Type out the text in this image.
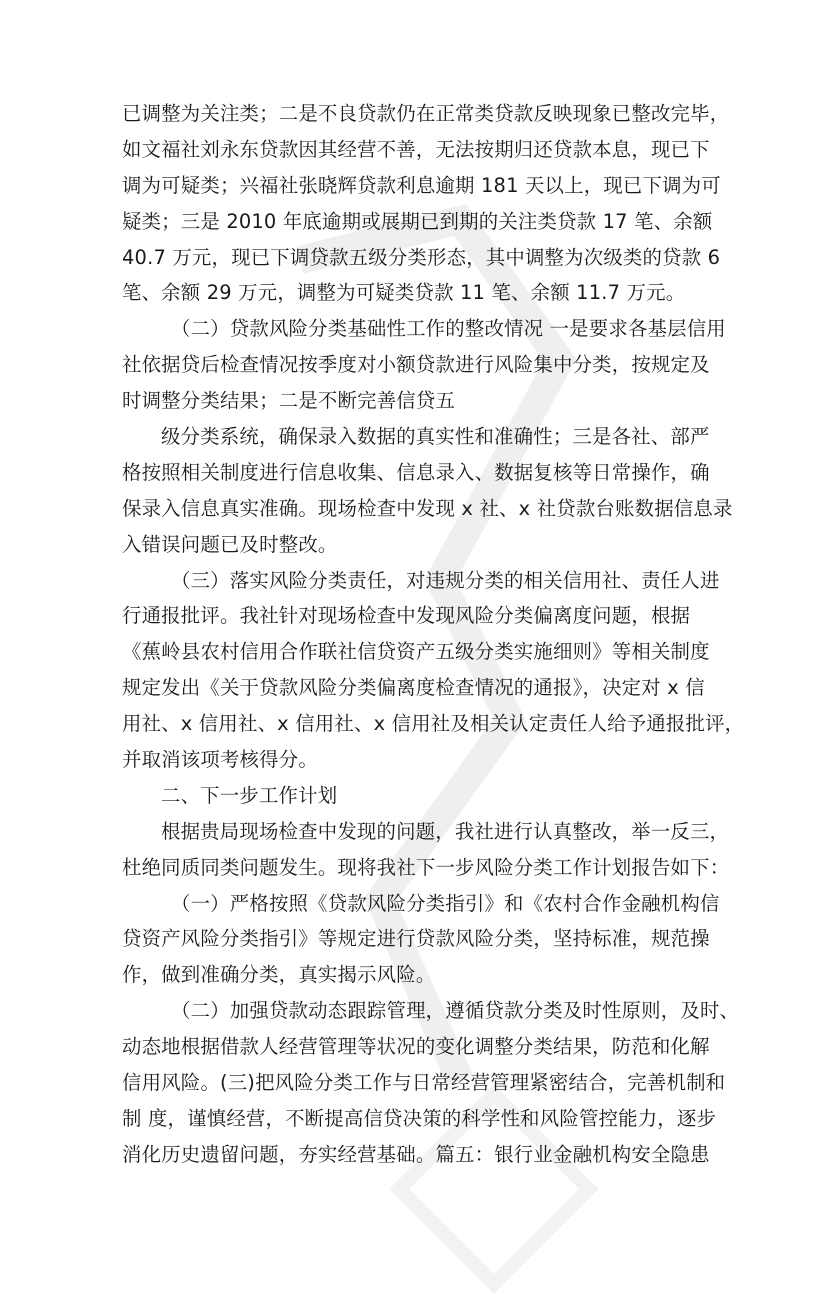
已调整为关注类；二是不良贷款仍在正常类贷款反映现象已整改完毕，
如文福社刘永东贷款因其经营不善，无法按期归还贷款本息，现已下
调为可疑类；兴福社张晓辉贷款利息逾期 181 天以上，现已下调为可
疑类；三是 2010 年底逾期或展期已到期的关注类贷款 17 笔、余额
40.7 万元，现已下调贷款五级分类形态，其中调整为次级类的贷款 6
笔、余额 29 万元，调整为可疑类贷款 11 笔、余额 11.7 万元。
（二）贷款风险分类基础性工作的整改情况 一是要求各基层信用
社依据贷后检查情况按季度对小额贷款进行风险集中分类，按规定及
时调整分类结果；二是不断完善信贷五
级分类系统，确保录入数据的真实性和准确性；三是各社、部严
格按照相关制度进行信息收集、信息录入、数据复核等日常操作，确
保录入信息真实准确。现场检查中发现 x 社、x 社贷款台账数据信息录
入错误问题已及时整改。
（三）落实风险分类责任，对违规分类的相关信用社、责任人进
行通报批评。我社针对现场检查中发现风险分类偏离度问题，根据
《蕉岭县农村信用合作联社信贷资产五级分类实施细则》等相关制度
规定发出《关于贷款风险分类偏离度检查情况的通报》，决定对 x 信
用社、x 信用社、x 信用社、x 信用社及相关认定责任人给予通报批评，
并取消该项考核得分。
二、下一步工作计划
根据贵局现场检查中发现的问题，我社进行认真整改，举一反三，
杜绝同质同类问题发生。现将我社下一步风险分类工作计划报告如下：
（一）严格按照《贷款风险分类指引》和《农村合作金融机构信
贷资产风险分类指引》等规定进行贷款风险分类，坚持标准，规范操
作，做到准确分类，真实揭示风险。
（二）加强贷款动态跟踪管理，遵循贷款分类及时性原则，及时、
动态地根据借款人经营管理等状况的变化调整分类结果，防范和化解
信用风险。(三)把风险分类工作与日常经营管理紧密结合，完善机制和
制 度，谨慎经营，不断提高信贷决策的科学性和风险管控能力，逐步
消化历史遗留问题，夯实经营基础。篇五：银行业金融机构安全隐患
